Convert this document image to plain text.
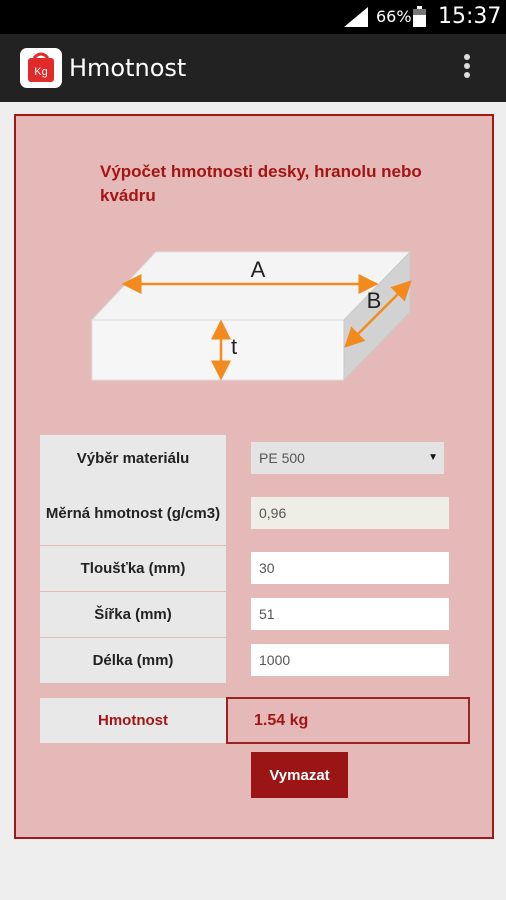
66% 15:37
Kg Hmotnost
Výpočet hmotnosti desky, hranolu nebo kvádru
A
B
t
Výběr materiálu	PE 500	▼
Měrná hmotnost (g/cm3)	0,96
Tloušťka (mm)	30
Šířka (mm)	51
Délka (mm)	1000
Hmotnost	1.54 kg
Vymazat
